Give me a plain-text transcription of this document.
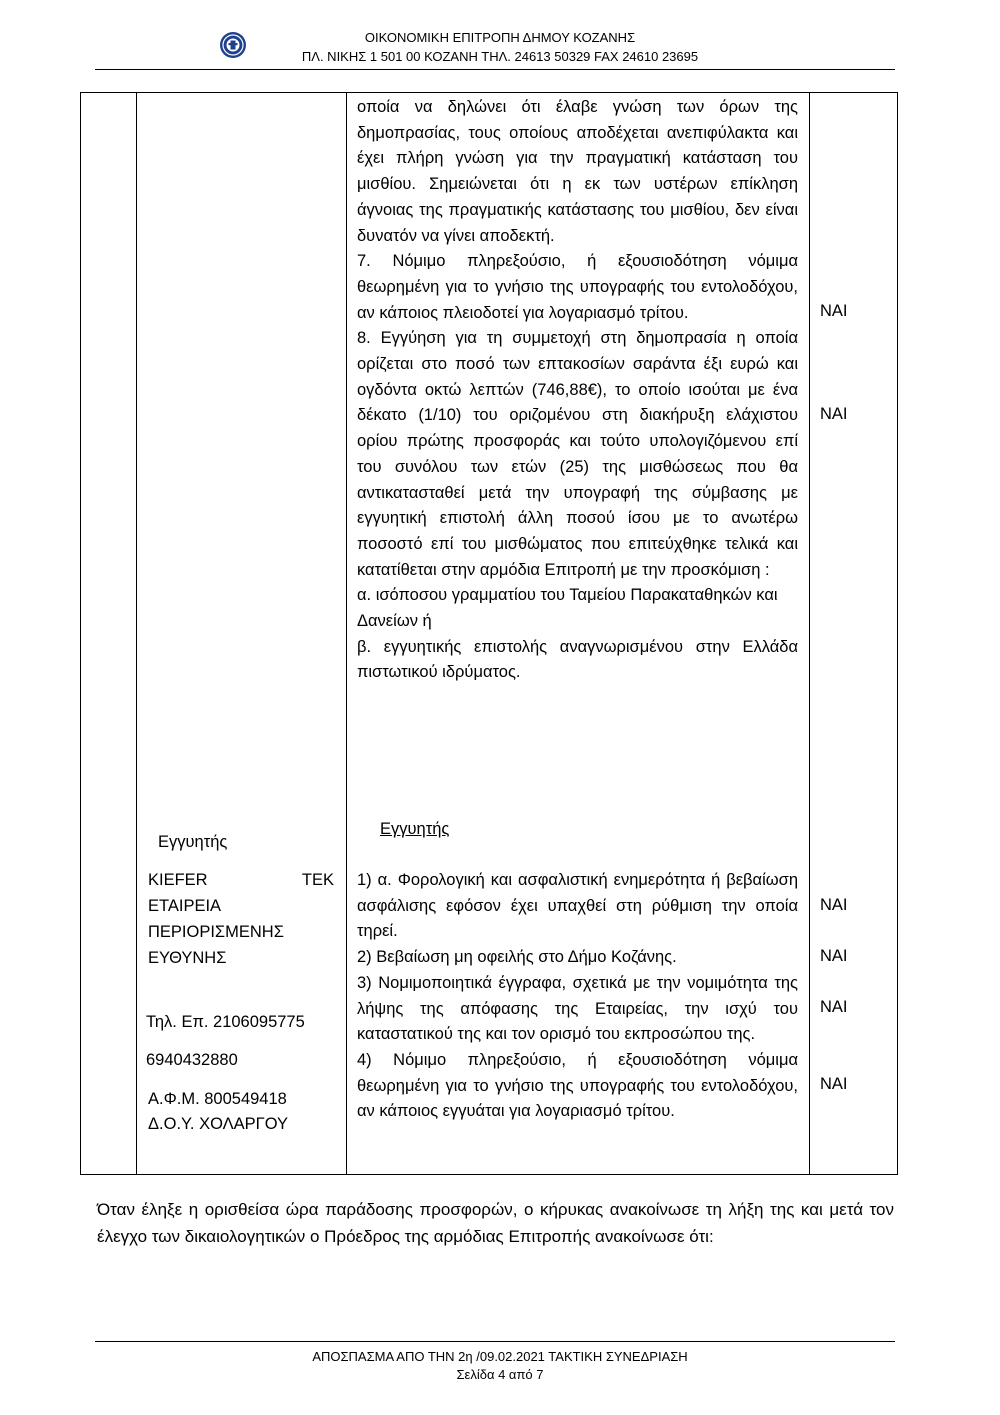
ΟΙΚΟΝΟΜΙΚΗ ΕΠΙΤΡΟΠΗ ΔΗΜΟΥ ΚΟΖΑΝΗΣ
ΠΛ. ΝΙΚΗΣ 1 501 00 ΚΟΖΑΝΗ ΤΗΛ. 24613 50329 FAX 24610 23695

οποία να δηλώνει ότι έλαβε γνώση των όρων της δημοπρασίας, τους οποίους αποδέχεται ανεπιφύλακτα και έχει πλήρη γνώση για την πραγματική κατάσταση του μισθίου. Σημειώνεται ότι η εκ των υστέρων επίκληση άγνοιας της πραγματικής κατάστασης του μισθίου, δεν είναι δυνατόν να γίνει αποδεκτή.

7. Νόμιμο πληρεξούσιο, ή εξουσιοδότηση νόμιμα θεωρημένη για το γνήσιο της υπογραφής του εντολοδόχου, αν κάποιος πλειοδοτεί για λογαριασμό τρίτου.

8. Εγγύηση για τη συμμετοχή στη δημοπρασία η οποία ορίζεται στο ποσό των επτακοσίων σαράντα έξι ευρώ και ογδόντα οκτώ λεπτών (746,88€), το οποίο ισούται με ένα δέκατο (1/10) του οριζομένου στη διακήρυξη ελάχιστου ορίου πρώτης προσφοράς και τούτο υπολογιζόμενου επί του συνόλου των ετών (25) της μισθώσεως που θα αντικατασταθεί μετά την υπογραφή της σύμβασης με εγγυητική επιστολή άλλη ποσού ίσου με το ανωτέρω ποσοστό επί του μισθώματος που επιτεύχθηκε τελικά και κατατίθεται στην αρμόδια Επιτροπή με την προσκόμιση :

α. ισόποσου γραμματίου του Ταμείου Παρακαταθηκών και Δανείων ή

β. εγγυητικής επιστολής αναγνωρισμένου στην Ελλάδα πιστωτικού ιδρύματος.

ΝΑΙ
ΝΑΙ
Εγγυητής
Εγγυητής
KIEFER ΤΕΚ
ΕΤΑΙΡΕΙΑ
ΠΕΡΙΟΡΙΣΜΕΝΗΣ
ΕΥΘΥΝΗΣ
Τηλ. Επ. 2106095775
6940432880
Α.Φ.Μ. 800549418
Δ.Ο.Υ. ΧΟΛΑΡΓΟΥ

1) α. Φορολογική και ασφαλιστική ενημερότητα ή βεβαίωση ασφάλισης εφόσον έχει υπαχθεί στη ρύθμιση την οποία τηρεί.

2) Βεβαίωση μη οφειλής στο Δήμο Κοζάνης.

3) Νομιμοποιητικά έγγραφα, σχετικά με την νομιμότητα της λήψης της απόφασης της Εταιρείας, την ισχύ του καταστατικού της και τον ορισμό του εκπροσώπου της.

4) Νόμιμο πληρεξούσιο, ή εξουσιοδότηση νόμιμα θεωρημένη για το γνήσιο της υπογραφής του εντολοδόχου, αν κάποιος εγγυάται για λογαριασμό τρίτου.

ΝΑΙ
ΝΑΙ
ΝΑΙ
ΝΑΙ
Όταν έληξε η ορισθείσα ώρα παράδοσης προσφορών, ο κήρυκας ανακοίνωσε τη λήξη της και μετά τον έλεγχο των δικαιολογητικών ο Πρόεδρος της αρμόδιας Επιτροπής ανακοίνωσε ότι:
ΑΠΟΣΠΑΣΜΑ ΑΠΟ ΤΗΝ 2η /09.02.2021 ΤΑΚΤΙΚΗ ΣΥΝΕΔΡΙΑΣΗ
Σελίδα 4 από 7
